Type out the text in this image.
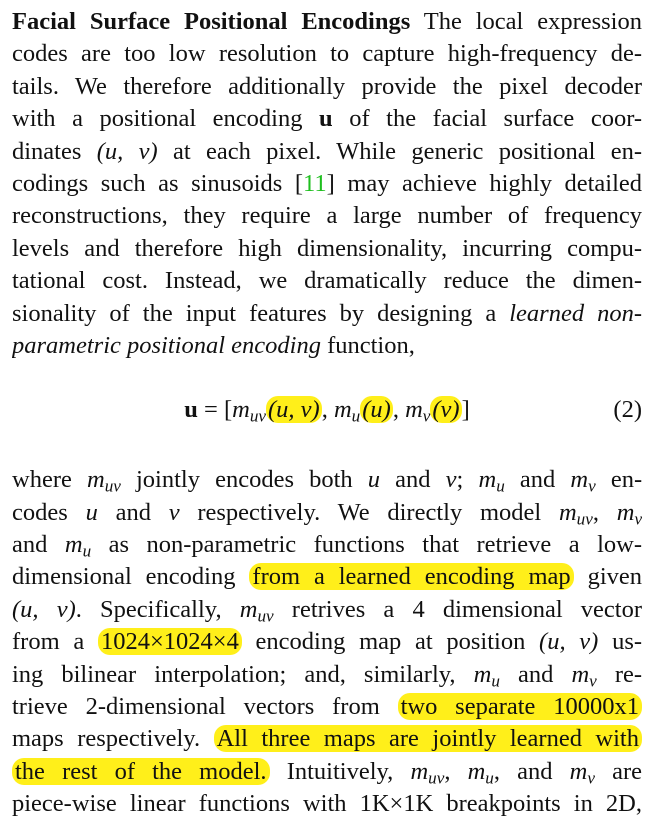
Facial Surface Positional Encodings The local expression
codes are too low resolution to capture high-frequency de-
tails. We therefore additionally provide the pixel decoder
with a positional encoding u of the facial surface coor-
dinates (u, v) at each pixel. While generic positional en-
codings such as sinusoids [11] may achieve highly detailed
reconstructions, they require a large number of frequency
levels and therefore high dimensionality, incurring compu-
tational cost. Instead, we dramatically reduce the dimen-
sionality of the input features by designing a learned non-
parametric positional encoding function,
$u = [m_{uv}(u$, v), $m_u(u)$, $m_v(v)$]	(2)
where $m_{uv}$ jointly encodes both u and v; $m_u$ and $m_v$ en-
codes u and v respectively. We directly model $m_{uv}$, $m_v$
and $m_u$ as non-parametric functions that retrieve a low-
dimensional encoding from a learned encoding map given
(u, v). Specifically, $m_{uv}$ retrives a 4 dimensional vector
from a 1024×1024×4 encoding map at position (u, v) us-
ing bilinear interpolation; and, similarly, $m_u$ and $m_v$ re-
trieve 2-dimensional vectors from two separate 10000x1
maps respectively. All three maps are jointly learned with
the rest of the model. Intuitively, $m_{uv}$, $m_u$, and $m_v$ are
piece-wise linear functions with 1K×1K breakpoints in 2D,
